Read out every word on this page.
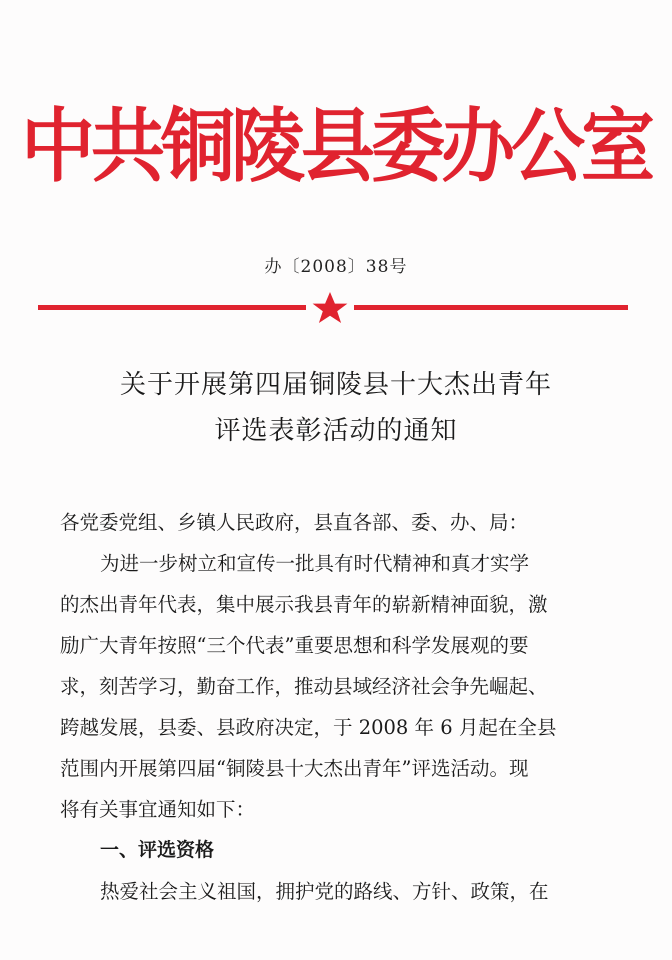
中共铜陵县委办公室
办〔2008〕38号
关于开展第四届铜陵县十大杰出青年
评选表彰活动的通知
各党委党组、乡镇人民政府，县直各部、委、办、局：
为进一步树立和宣传一批具有时代精神和真才实学
的杰出青年代表，集中展示我县青年的崭新精神面貌，激
励广大青年按照“三个代表”重要思想和科学发展观的要
求，刻苦学习，勤奋工作，推动县域经济社会争先崛起、
跨越发展，县委、县政府决定，于 2008 年 6 月起在全县
范围内开展第四届“铜陵县十大杰出青年”评选活动。现
将有关事宜通知如下：
一、评选资格
热爱社会主义祖国，拥护党的路线、方针、政策，在
